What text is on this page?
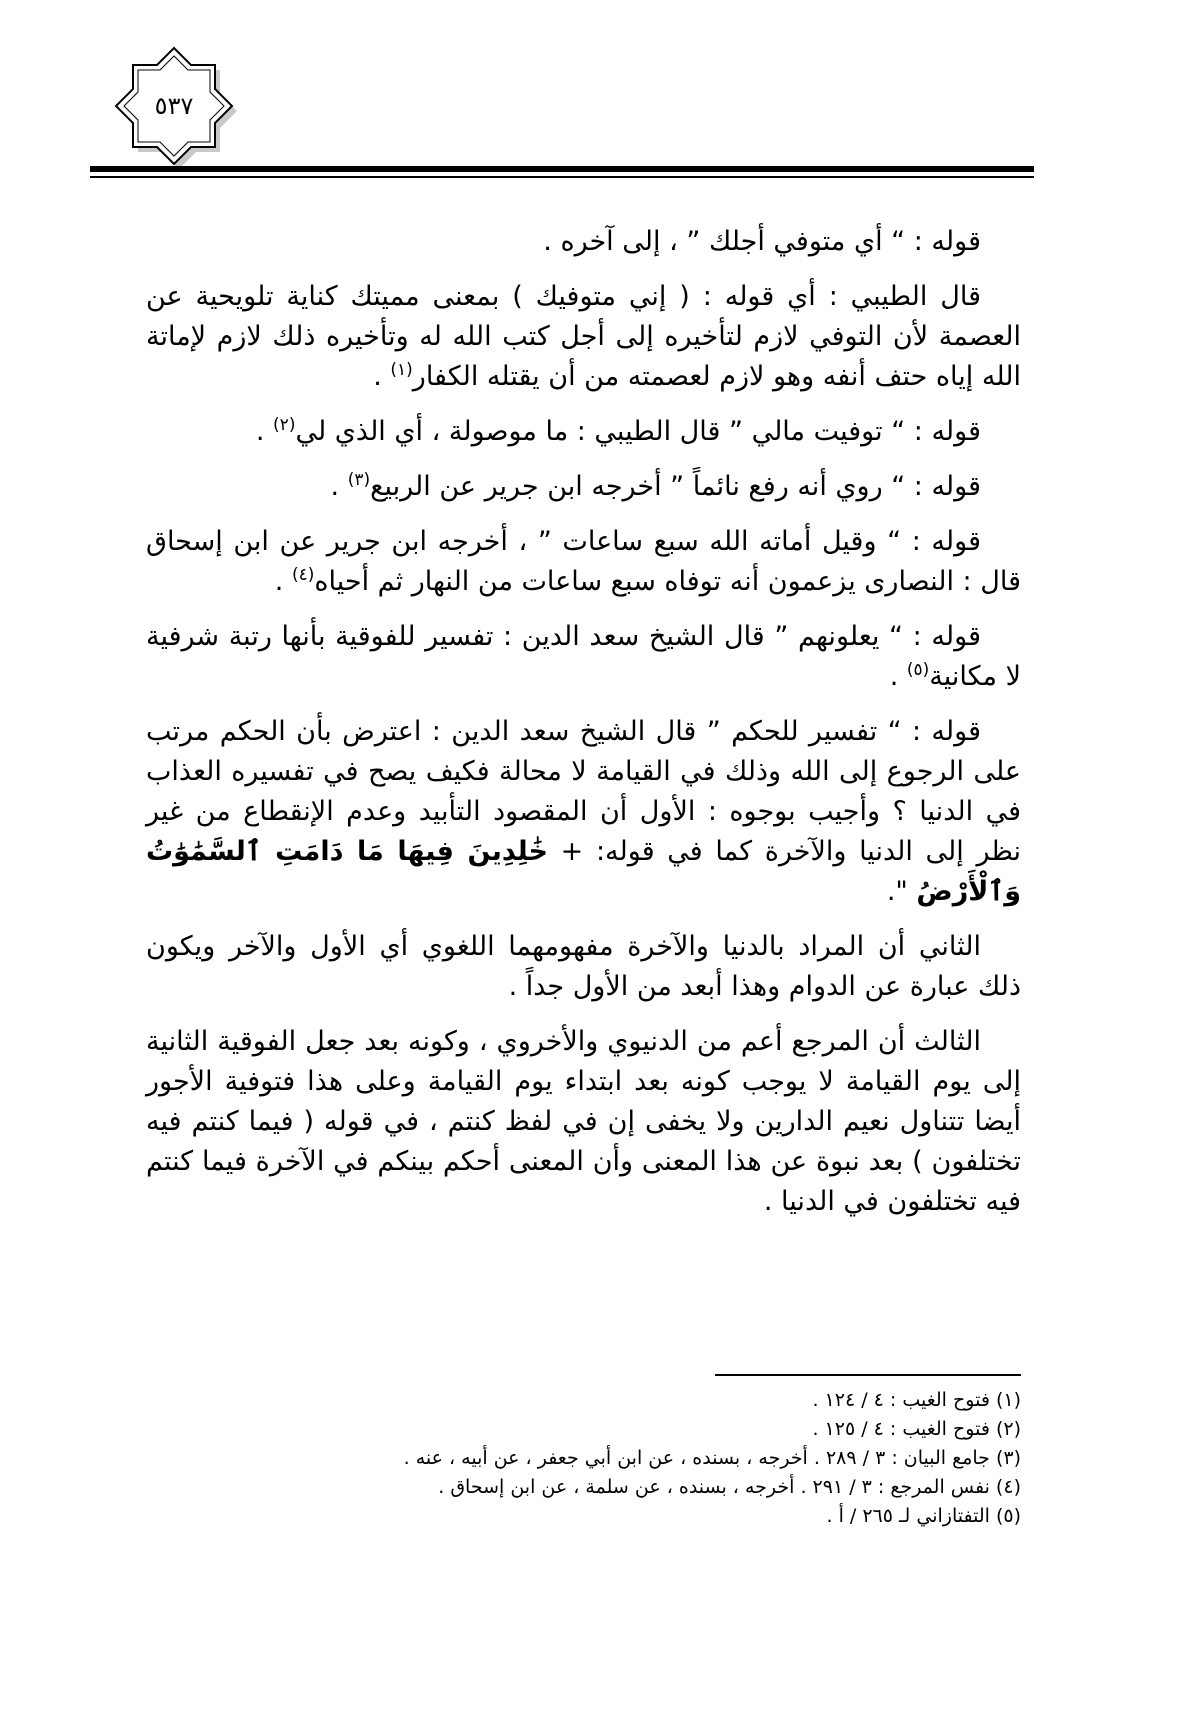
٥٣٧

قوله : “ أي متوفي أجلك ” ، إلى آخره .

قال الطيبي : أي قوله : ( إني متوفيك ) بمعنى مميتك كناية تلويحية عن العصمة لأن التوفي لازم لتأخيره إلى أجل كتب الله له وتأخيره ذلك لازم لإماتة الله إياه حتف أنفه وهو لازم لعصمته من أن يقتله الكفار$^{(١)}$ .

قوله : “ توفيت مالي ” قال الطيبي : ما موصولة ، أي الذي لي$^{(٢)}$ .

قوله : “ روي أنه رفع نائماً ” أخرجه ابن جرير عن الربيع$^{(٣)}$ .

قوله : “ وقيل أماته الله سبع ساعات ” ، أخرجه ابن جرير عن ابن إسحاق قال : النصارى يزعمون أنه توفاه سبع ساعات من النهار ثم أحياه$^{(٤)}$ .

قوله : “ يعلونهم ” قال الشيخ سعد الدين : تفسير للفوقية بأنها رتبة شرفية لا مكانية$^{(٥)}$ .

قوله : “ تفسير للحكم ” قال الشيخ سعد الدين : اعترض بأن الحكم مرتب على الرجوع إلى الله وذلك في القيامة لا محالة فكيف يصح في تفسيره العذاب في الدنيا ؟ وأجيب بوجوه : الأول أن المقصود التأبيد وعدم الإنقطاع من غير نظر إلى الدنيا والآخرة كما في قوله: + خَٰلِدِينَ فِيهَا مَا دَامَتِ ٱلسَّمَٰوَٰتُ وَٱلْأَرْضُ ".

الثاني أن المراد بالدنيا والآخرة مفهومهما اللغوي أي الأول والآخر ويكون ذلك عبارة عن الدوام وهذا أبعد من الأول جداً .

الثالث أن المرجع أعم من الدنيوي والأخروي ، وكونه بعد جعل الفوقية الثانية إلى يوم القيامة لا يوجب كونه بعد ابتداء يوم القيامة وعلى هذا فتوفية الأجور أيضا تتناول نعيم الدارين ولا يخفى إن في لفظ كنتم ، في قوله ( فيما كنتم فيه تختلفون ) بعد نبوة عن هذا المعنى وأن المعنى أحكم بينكم في الآخرة فيما كنتم فيه تختلفون في الدنيا .

(١) فتوح الغيب : ٤ / ١٢٤ .
(٢) فتوح الغيب : ٤ / ١٢٥ .
(٣) جامع البيان : ٣ / ٢٨٩ . أخرجه ، بسنده ، عن ابن أبي جعفر ، عن أبيه ، عنه .
(٤) نفس المرجع : ٣ / ٢٩١ . أخرجه ، بسنده ، عن سلمة ، عن ابن إسحاق .
(٥) التفتازاني لـ ٢٦٥ / أ .
